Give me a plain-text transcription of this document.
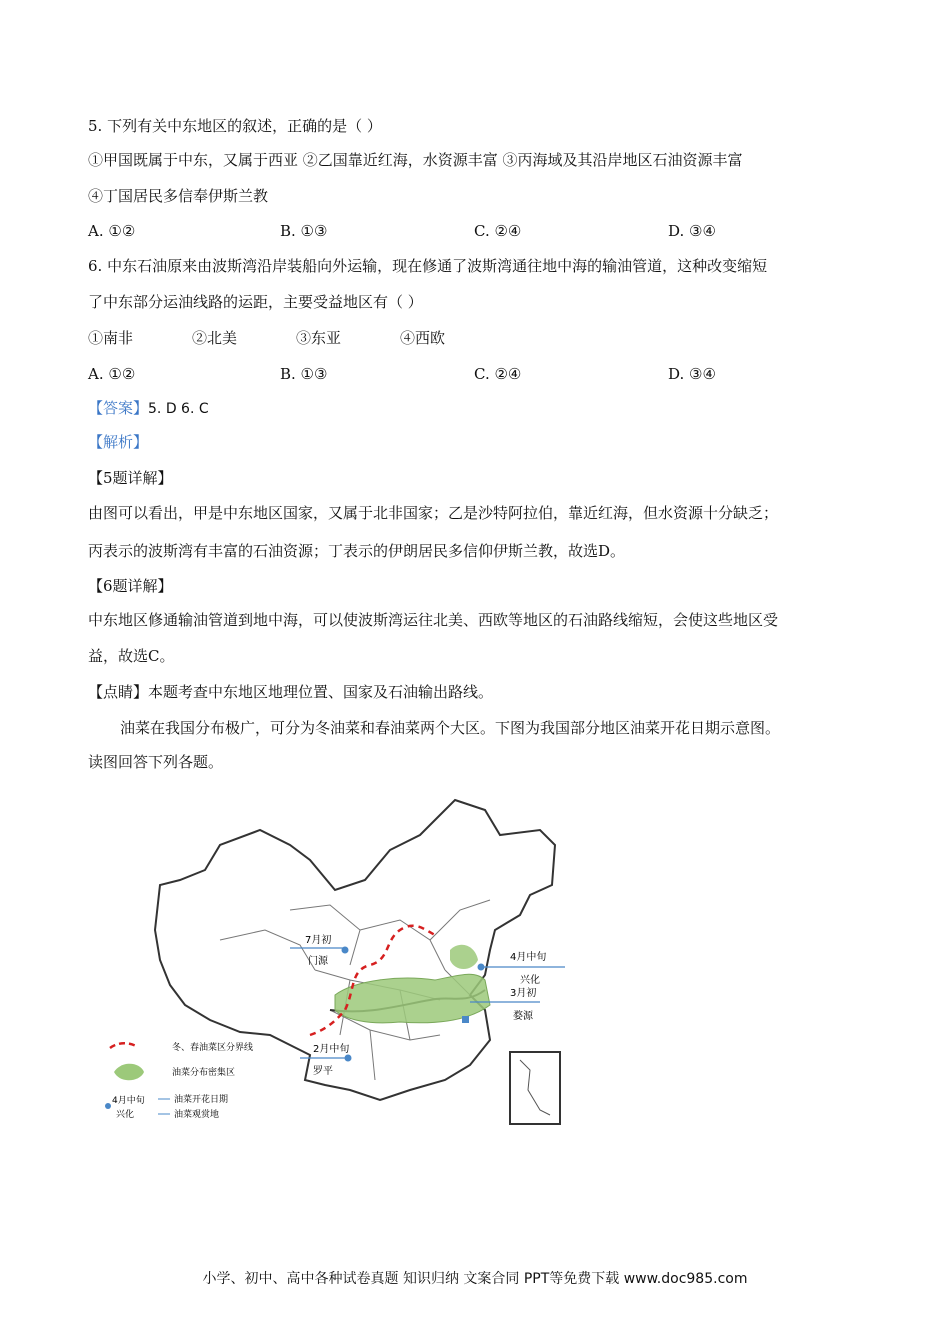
5. 下列有关中东地区的叙述，正确的是（ ）
①甲国既属于中东，又属于西亚 ②乙国靠近红海，水资源丰富 ③丙海域及其沿岸地区石油资源丰富
④丁国居民多信奉伊斯兰教
A. ①②	B. ①③	C. ②④	D. ③④
6. 中东石油原来由波斯湾沿岸装船向外运输，现在修通了波斯湾通往地中海的输油管道，这种改变缩短
了中东部分运油线路的运距，主要受益地区有（ ）
①南非	②北美	③东亚	④西欧
A. ①②	B. ①③	C. ②④	D. ③④
【答案】5. D 6. C
【解析】
【5题详解】
由图可以看出，甲是中东地区国家，又属于北非国家；乙是沙特阿拉伯，靠近红海，但水资源十分缺乏；
丙表示的波斯湾有丰富的石油资源；丁表示的伊朗居民多信仰伊斯兰教，故选D。
【6题详解】
中东地区修通输油管道到地中海，可以使波斯湾运往北美、西欧等地区的石油路线缩短，会使这些地区受
益，故选C。
【点睛】本题考查中东地区地理位置、国家及石油输出路线。
油菜在我国分布极广，可分为冬油菜和春油菜两个大区。下图为我国部分地区油菜开花日期示意图。
读图回答下列各题。
7月初
门源	4月中旬
兴化
3月初
婺源
2月中旬
罗平
冬、春油菜区分界线
油菜分布密集区
4月中旬
兴化
油菜开花日期
油菜观赏地
小学、初中、高中各种试卷真题 知识归纳 文案合同 PPT等免费下载 www.doc985.com
